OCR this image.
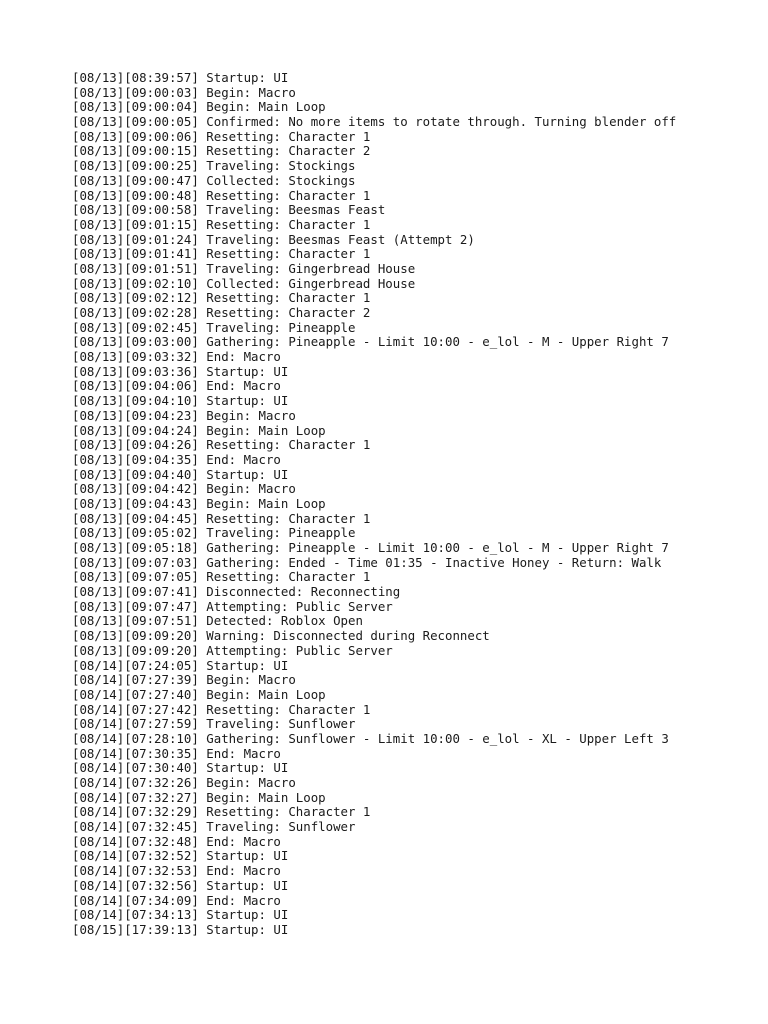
[08/13][08:39:57] Startup: UI
[08/13][09:00:03] Begin: Macro
[08/13][09:00:04] Begin: Main Loop
[08/13][09:00:05] Confirmed: No more items to rotate through. Turning blender off
[08/13][09:00:06] Resetting: Character 1
[08/13][09:00:15] Resetting: Character 2
[08/13][09:00:25] Traveling: Stockings
[08/13][09:00:47] Collected: Stockings
[08/13][09:00:48] Resetting: Character 1
[08/13][09:00:58] Traveling: Beesmas Feast
[08/13][09:01:15] Resetting: Character 1
[08/13][09:01:24] Traveling: Beesmas Feast (Attempt 2)
[08/13][09:01:41] Resetting: Character 1
[08/13][09:01:51] Traveling: Gingerbread House
[08/13][09:02:10] Collected: Gingerbread House
[08/13][09:02:12] Resetting: Character 1
[08/13][09:02:28] Resetting: Character 2
[08/13][09:02:45] Traveling: Pineapple
[08/13][09:03:00] Gathering: Pineapple - Limit 10:00 - e_lol - M - Upper Right 7
[08/13][09:03:32] End: Macro
[08/13][09:03:36] Startup: UI
[08/13][09:04:06] End: Macro
[08/13][09:04:10] Startup: UI
[08/13][09:04:23] Begin: Macro
[08/13][09:04:24] Begin: Main Loop
[08/13][09:04:26] Resetting: Character 1
[08/13][09:04:35] End: Macro
[08/13][09:04:40] Startup: UI
[08/13][09:04:42] Begin: Macro
[08/13][09:04:43] Begin: Main Loop
[08/13][09:04:45] Resetting: Character 1
[08/13][09:05:02] Traveling: Pineapple
[08/13][09:05:18] Gathering: Pineapple - Limit 10:00 - e_lol - M - Upper Right 7
[08/13][09:07:03] Gathering: Ended - Time 01:35 - Inactive Honey - Return: Walk
[08/13][09:07:05] Resetting: Character 1
[08/13][09:07:41] Disconnected: Reconnecting
[08/13][09:07:47] Attempting: Public Server
[08/13][09:07:51] Detected: Roblox Open
[08/13][09:09:20] Warning: Disconnected during Reconnect
[08/13][09:09:20] Attempting: Public Server
[08/14][07:24:05] Startup: UI
[08/14][07:27:39] Begin: Macro
[08/14][07:27:40] Begin: Main Loop
[08/14][07:27:42] Resetting: Character 1
[08/14][07:27:59] Traveling: Sunflower
[08/14][07:28:10] Gathering: Sunflower - Limit 10:00 - e_lol - XL - Upper Left 3
[08/14][07:30:35] End: Macro
[08/14][07:30:40] Startup: UI
[08/14][07:32:26] Begin: Macro
[08/14][07:32:27] Begin: Main Loop
[08/14][07:32:29] Resetting: Character 1
[08/14][07:32:45] Traveling: Sunflower
[08/14][07:32:48] End: Macro
[08/14][07:32:52] Startup: UI
[08/14][07:32:53] End: Macro
[08/14][07:32:56] Startup: UI
[08/14][07:34:09] End: Macro
[08/14][07:34:13] Startup: UI
[08/15][17:39:13] Startup: UI
